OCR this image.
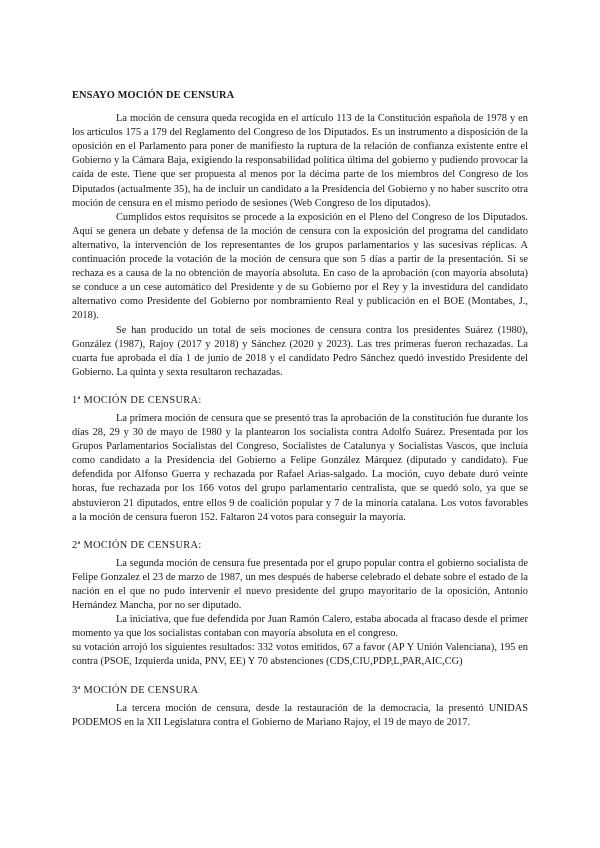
ENSAYO MOCIÓN DE CENSURA

La moción de censura queda recogida en el artículo 113 de la Constitución española de 1978 y en los artículos 175 a 179 del Reglamento del Congreso de los Diputados. Es un instrumento a disposición de la oposición en el Parlamento para poner de manifiesto la ruptura de la relación de confianza existente entre el Gobierno y la Cámara Baja, exigiendo la responsabilidad política última del gobierno y pudiendo provocar la caída de este. Tiene que ser propuesta al menos por la décima parte de los miembros del Congreso de los Diputados (actualmente 35), ha de incluir un candidato a la Presidencia del Gobierno y no haber suscrito otra moción de censura en el mismo periodo de sesiones (Web Congreso de los diputados).

Cumplidos estos requisitos se procede a la exposición en el Pleno del Congreso de los Diputados. Aquí se genera un debate y defensa de la moción de censura con la exposición del programa del candidato alternativo, la intervención de los representantes de los grupos parlamentarios y las sucesivas réplicas. A continuación procede la votación de la moción de censura que son 5 días a partir de la presentación. Si se rechaza es a causa de la no obtención de mayoría absoluta. En caso de la aprobación (con mayoría absoluta) se conduce a un cese automático del Presidente y de su Gobierno por el Rey y la investidura del candidato alternativo como Presidente del Gobierno por nombramiento Real y publicación en el BOE (Montabes, J., 2018).

Se han producido un total de seis mociones de censura contra los presidentes Suárez (1980), González (1987), Rajoy (2017 y 2018) y Sánchez (2020 y 2023). Las tres primeras fueron rechazadas. La cuarta fue aprobada el día 1 de junio de 2018 y el candidato Pedro Sánchez quedó investido Presidente del Gobierno. La quinta y sexta resultaron rechazadas.

1ª MOCIÓN DE CENSURA:

La primera moción de censura que se presentó tras la aprobación de la constitución fue durante los días 28, 29 y 30 de mayo de 1980 y la plantearon los socialista contra Adolfo Suárez. Presentada por los Grupos Parlamentarios Socialistas del Congreso, Socialistes de Catalunya y Socialistas Vascos, que incluía como candidato a la Presidencia del Gobierno a Felipe González Márquez (diputado y candidato). Fue defendida por Alfonso Guerra y rechazada por Rafael Arias-salgado. La moción, cuyo debate duró veinte horas, fue rechazada por los 166 votos del grupo parlamentario centralista, que se quedó solo, ya que se abstuvieron 21 diputados, entre ellos 9 de coalición popular y 7 de la minoría catalana. Los votos favorables a la moción de censura fueron 152. Faltaron 24 votos para conseguir la mayoría.

2ª MOCIÓN DE CENSURA:

La segunda moción de censura fue presentada por el grupo popular contra el gobierno socialista de Felipe Gonzalez el 23 de marzo de 1987, un mes después de haberse celebrado el debate sobre el estado de la nación en el que no pudo intervenir el nuevo presidente del grupo mayoritario de la oposición, Antonio Hernández Mancha, por no ser diputado.

La iniciativa, que fue defendida por Juan Ramón Calero, estaba abocada al fracaso desde el primer momento ya que los socialistas contaban con mayoría absoluta en el congreso.

su votación arrojó los siguientes resultados: 332 votos emitidos, 67 a favor (AP Y Unión Valenciana), 195 en contra (PSOE, Izquierda unida, PNV, EE) Y 70 abstenciones (CDS,CIU,PDP,L,PAR,AIC,CG)

3ª MOCIÓN DE CENSURA

La tercera moción de censura, desde la restauración de la democracia, la presentó UNIDAS PODEMOS en la XII Legislatura contra el Gobierno de Mariano Rajoy, el 19 de mayo de 2017.
